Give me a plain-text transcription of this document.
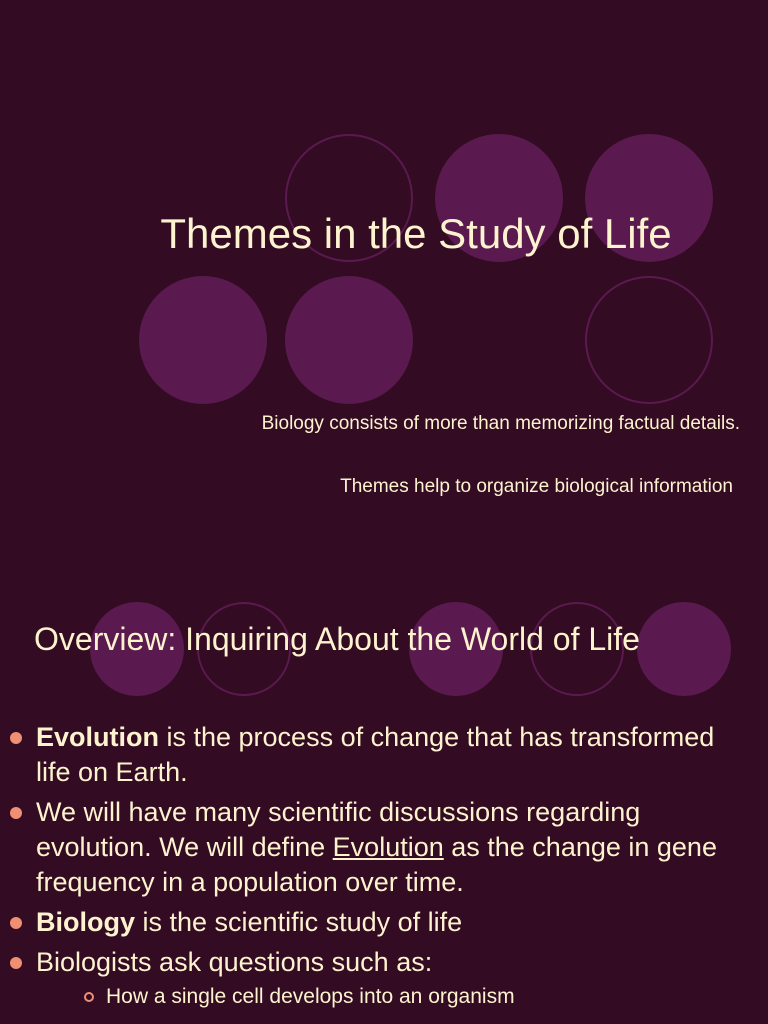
Themes in the Study of Life
Biology consists of more than memorizing factual details.
Themes help to organize biological information
Overview: Inquiring About the World of Life
Evolution is the process of change that has transformed life on Earth.
We will have many scientific discussions regarding evolution. We will define Evolution as the change in gene frequency in a population over time.
Biology is the scientific study of life
Biologists ask questions such as:
How a single cell develops into an organism
